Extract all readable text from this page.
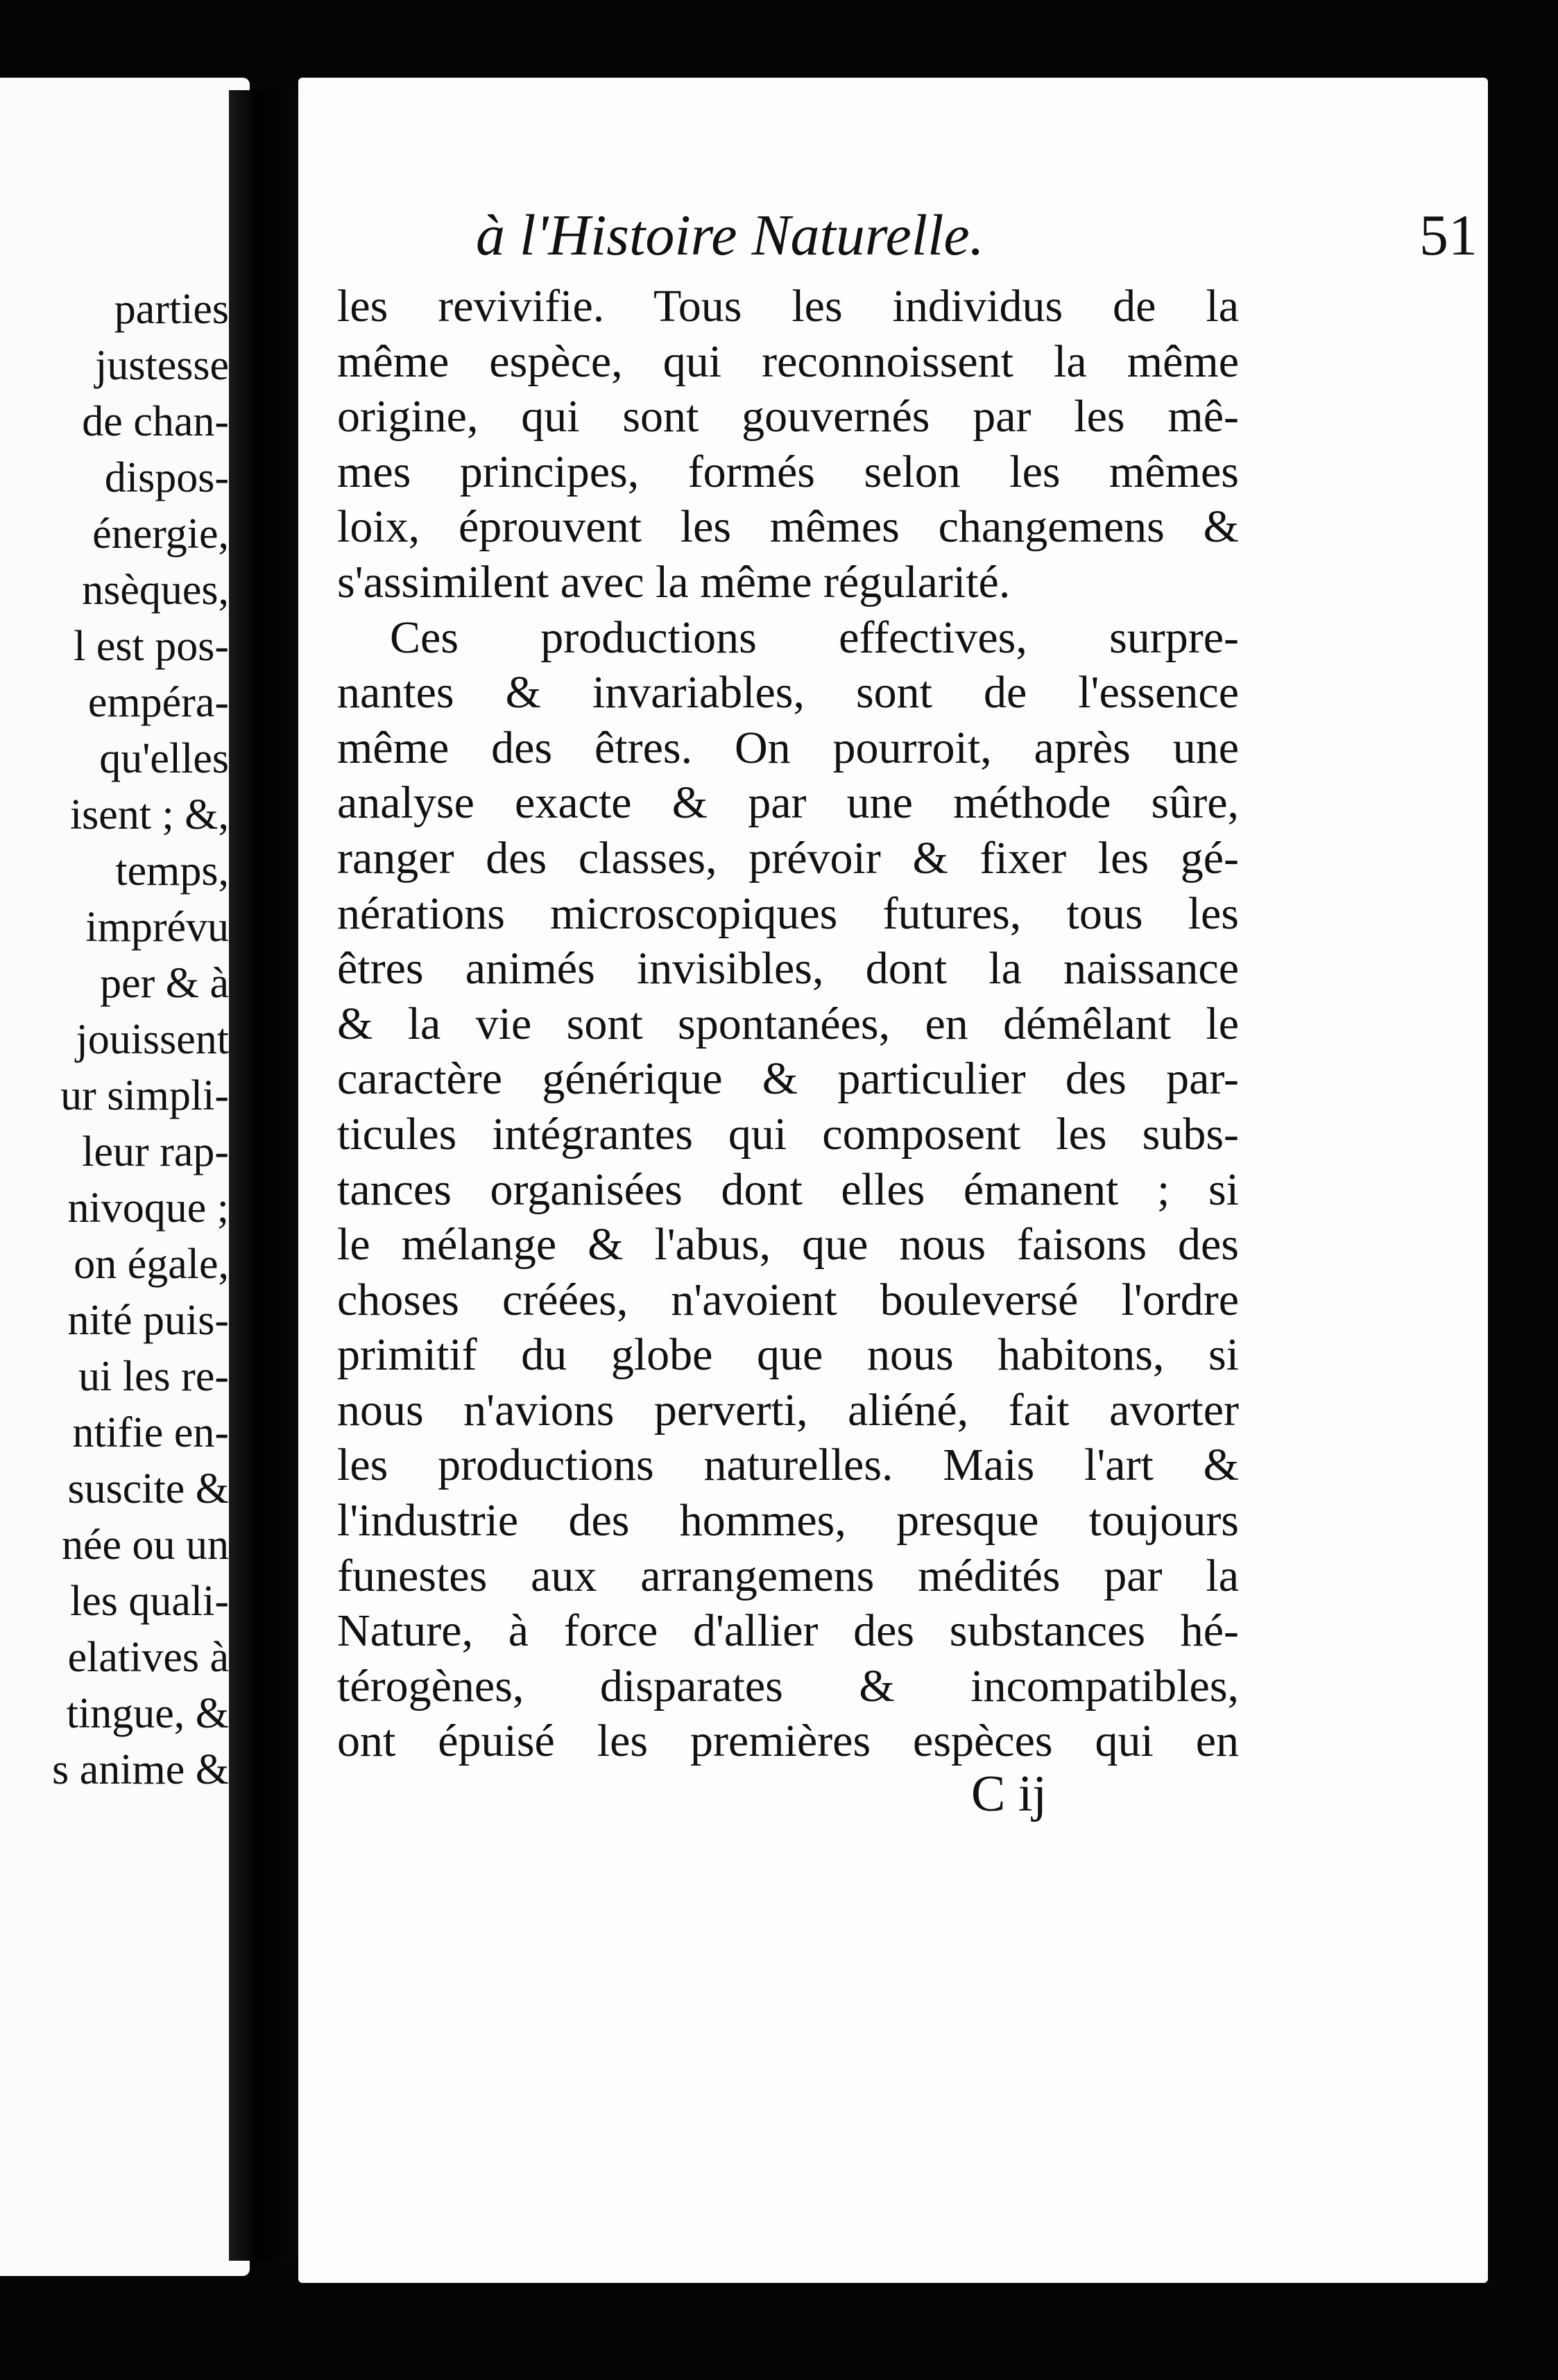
parties
justesse
de chan-
dispos-
énergie,
nsèques,
l est pos-
empéra-
qu'elles
isent ; &,
temps,
imprévu
per & à
jouissent
ur simpli-
leur rap-
nivoque ;
on égale,
nité puis-
ui les re-
ntifie en-
suscite &
née ou un
les quali-
elatives à
tingue, &
s anime &
à l'Histoire Naturelle.	51
les revivifie. Tous les individus de la
même espèce, qui reconnoissent la même
origine, qui sont gouvernés par les mê-
mes principes, formés selon les mêmes
loix, éprouvent les mêmes changemens &
s'assimilent avec la même régularité.
Ces productions effectives, surpre-
nantes & invariables, sont de l'essence
même des êtres. On pourroit, après une
analyse exacte & par une méthode sûre,
ranger des classes, prévoir & fixer les gé-
nérations microscopiques futures, tous les
êtres animés invisibles, dont la naissance
& la vie sont spontanées, en démêlant le
caractère générique & particulier des par-
ticules intégrantes qui composent les subs-
tances organisées dont elles émanent ; si
le mélange & l'abus, que nous faisons des
choses créées, n'avoient bouleversé l'ordre
primitif du globe que nous habitons, si
nous n'avions perverti, aliéné, fait avorter
les productions naturelles. Mais l'art &
l'industrie des hommes, presque toujours
funestes aux arrangemens médités par la
Nature, à force d'allier des substances hé-
térogènes, disparates & incompatibles,
ont épuisé les premières espèces qui en
C ij
